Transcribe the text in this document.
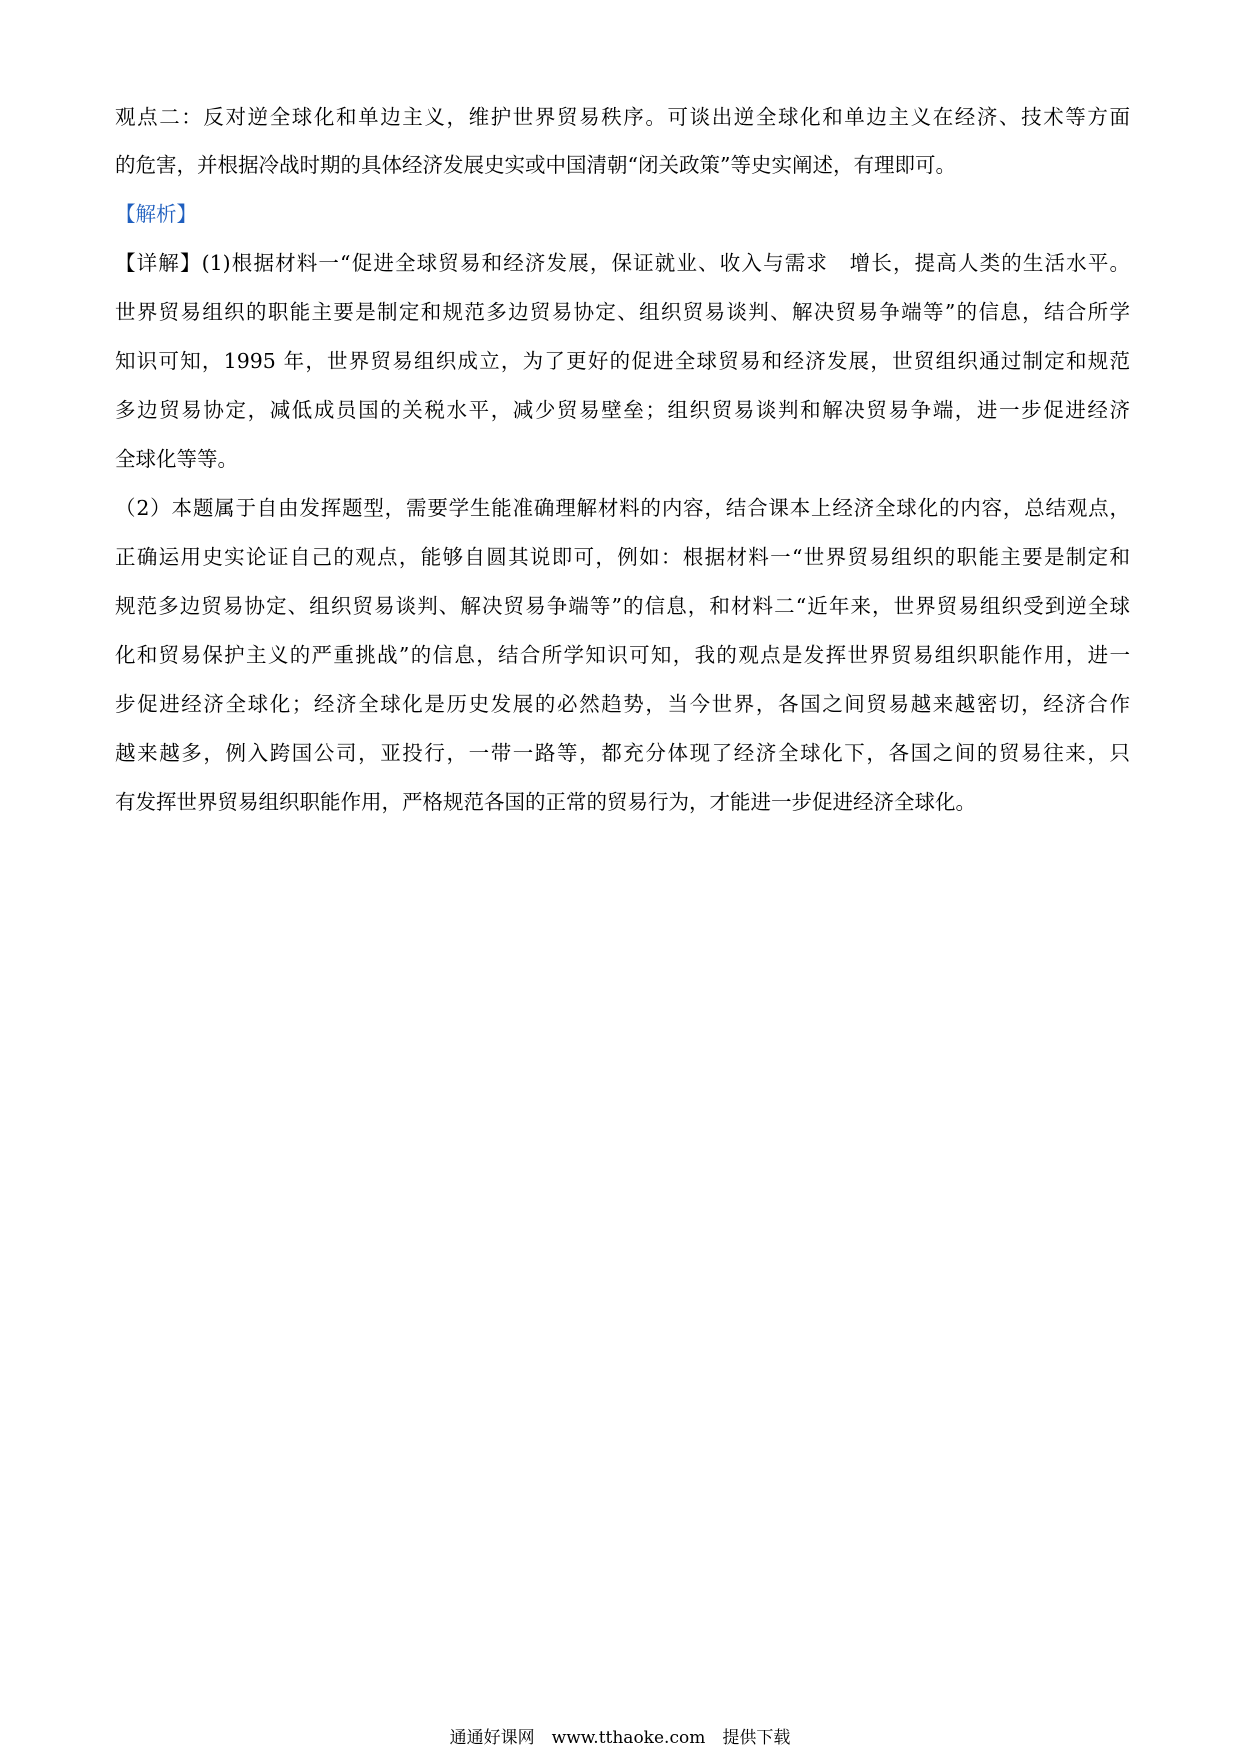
观点二：反对逆全球化和单边主义，维护世界贸易秩序。可谈出逆全球化和单边主义在经济、技术等方面
的危害，并根据冷战时期的具体经济发展史实或中国清朝“闭关政策”等史实阐述，有理即可。
【解析】
【详解】(1)根据材料一“促进全球贸易和经济发展，保证就业、收入与需求　增长，提高人类的生活水平。
世界贸易组织的职能主要是制定和规范多边贸易协定、组织贸易谈判、解决贸易争端等”的信息，结合所学
知识可知，1995 年，世界贸易组织成立，为了更好的促进全球贸易和经济发展，世贸组织通过制定和规范
多边贸易协定，减低成员国的关税水平，减少贸易壁垒；组织贸易谈判和解决贸易争端，进一步促进经济
全球化等等。
（2）本题属于自由发挥题型，需要学生能准确理解材料的内容，结合课本上经济全球化的内容，总结观点，
正确运用史实论证自己的观点，能够自圆其说即可，例如：根据材料一“世界贸易组织的职能主要是制定和
规范多边贸易协定、组织贸易谈判、解决贸易争端等”的信息，和材料二“近年来，世界贸易组织受到逆全球
化和贸易保护主义的严重挑战”的信息，结合所学知识可知，我的观点是发挥世界贸易组织职能作用，进一
步促进经济全球化；经济全球化是历史发展的必然趋势，当今世界，各国之间贸易越来越密切，经济合作
越来越多，例入跨国公司，亚投行，一带一路等，都充分体现了经济全球化下，各国之间的贸易往来，只
有发挥世界贸易组织职能作用，严格规范各国的正常的贸易行为，才能进一步促进经济全球化。
通通好课网　www.tthaoke.com　提供下载
